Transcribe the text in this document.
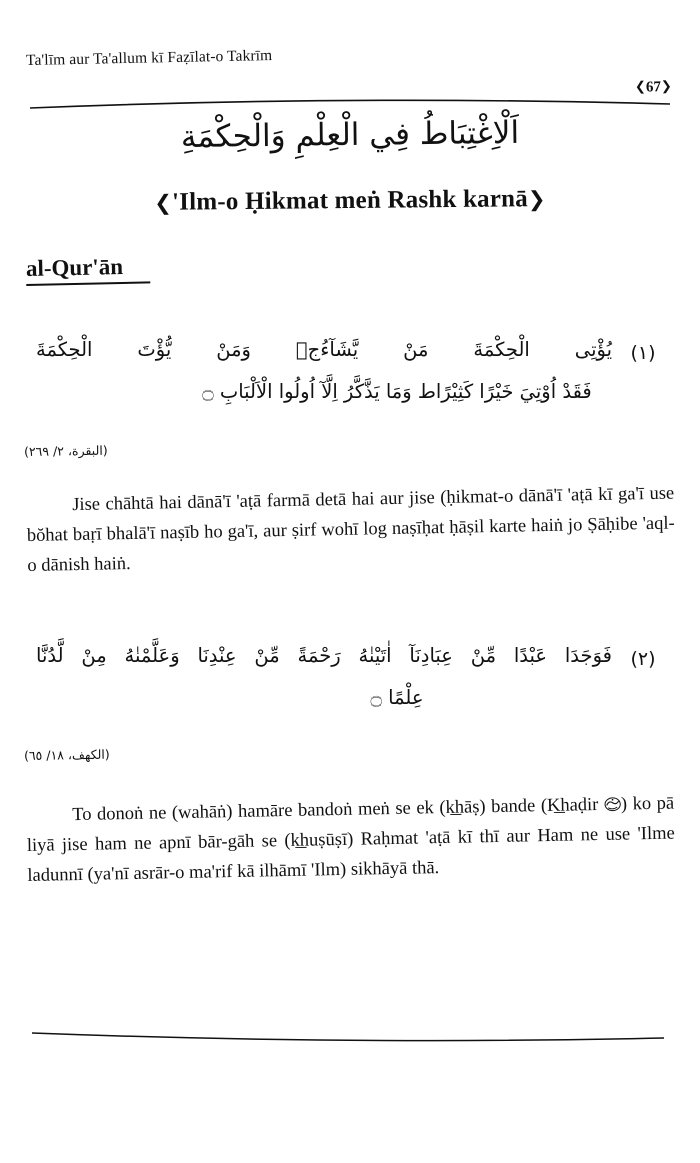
Ta'līm aur Ta'allum kī Faẓīlat-o Takrīm
❮67❯
اَلْاِغْتِبَاطُ فِي الْعِلْمِ وَالْحِكْمَةِ
❮'Ilm-o Ḥikmat meṅ Rashk karnā❯
al-Qur'ān
(١)
يُؤْتِى الْحِكْمَةَ مَنْ يَّشَآءُجۚ وَمَنْ يُّؤْتَ الْحِكْمَةَ
فَقَدْ اُوْتِيَ خَيْرًا كَثِيْرًاط وَمَا يَذَّكَّرُ اِلَّآ اُولُوا الْاَلْبَابِ ۝
(البقرة، ٢/ ٢٦٩)
Jise chāhtā hai dānā'ī 'aṭā farmā detā hai aur jise (ḥikmat-o dānā'ī 'aṭā kī ga'ī use bŏhat baṛī bhalā'ī naṣīb ho ga'ī, aur ṣirf wohī log naṣīḥat ḥāṣil karte haiṅ jo Ṣāḥibe 'aql-o dānish haiṅ.
(٢)
فَوَجَدَا عَبْدًا مِّنْ عِبَادِنَآ اٰتَيْنٰهُ رَحْمَةً مِّنْ عِنْدِنَا وَعَلَّمْنٰهُ مِنْ لَّدُنَّا
عِلْمًا ۝
(الكهف، ١٨/ ٦٥)
To donoṅ ne (wahāṅ) hamāre bandoṅ meṅ se ek (k͟hāṣ) bande (K͟haḍir
) ko pā liyā jise ham ne apnī bār-gāh se (k͟huṣūṣī) Raḥmat 'aṭā kī thī aur Ham ne use 'Ilme ladunnī (ya'nī asrār-o ma'rif kā ilhāmī 'Ilm) sikhāyā thā.
